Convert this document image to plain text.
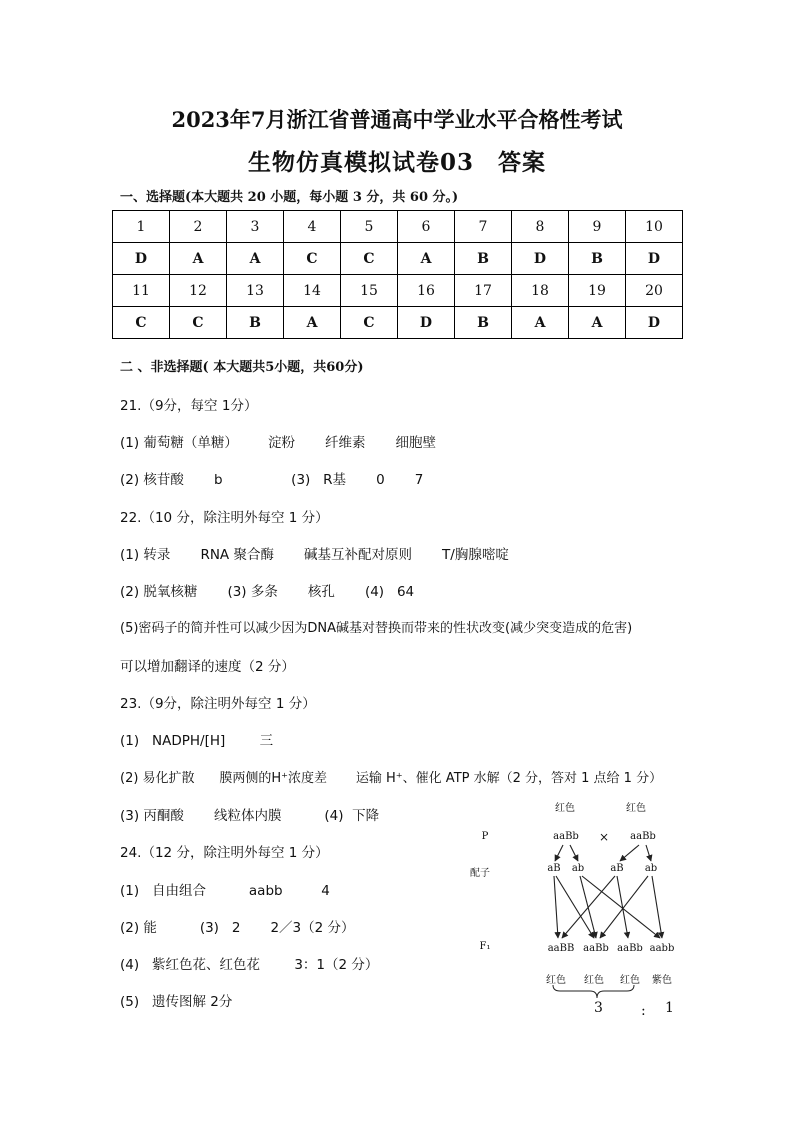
2023年7月浙江省普通高中学业水平合格性考试
生物仿真模拟试卷03　答案
一、选择题(本大题共 20 小题，每小题 3 分，共 60 分。)
1	2	3	4	5	6	7	8	9	10
D	A	A	C	C	A	B	D	B	D
11	12	13	14	15	16	17	18	19	20
C	C	B	A	C	D	B	A	A	D
二 、非选择题( 本大题共5小题，共60分)
21.（9分，每空 1分）
(1) 葡萄糖（单糖）       淀粉       纤维素       细胞壁
(2) 核苷酸       b                (3)   R基       0       7
22.（10 分，除注明外每空 1 分）
(1) 转录       RNA 聚合酶       碱基互补配对原则       T/胸腺嘧啶
(2) 脱氧核糖       (3) 多条       核孔       (4)   64
(5)密码子的简并性可以减少因为DNA碱基对替换而带来的性状改变(减少突变造成的危害)
可以增加翻译的速度（2 分）
23.（9分，除注明外每空 1 分）
(1)   NADPH/[H]        三
(2) 易化扩散      膜两侧的H⁺浓度差       运输 H⁺、催化 ATP 水解（2 分，答对 1 点给 1 分）
(3) 丙酮酸       线粒体内膜          (4)  下降
24.（12 分，除注明外每空 1 分）
(1)   自由组合          aabb         4
(2) 能          (3)   2       2／3（2 分）
(4)   紫红色花、红色花        3：1（2 分）
(5)   遗传图解 2分
红色	红色
P	aaBb × aaBb
配子	aB ab	aB ab
F₁	aaBB aaBb aaBb aabb
红色 红色 红色 紫色
3	: 1
